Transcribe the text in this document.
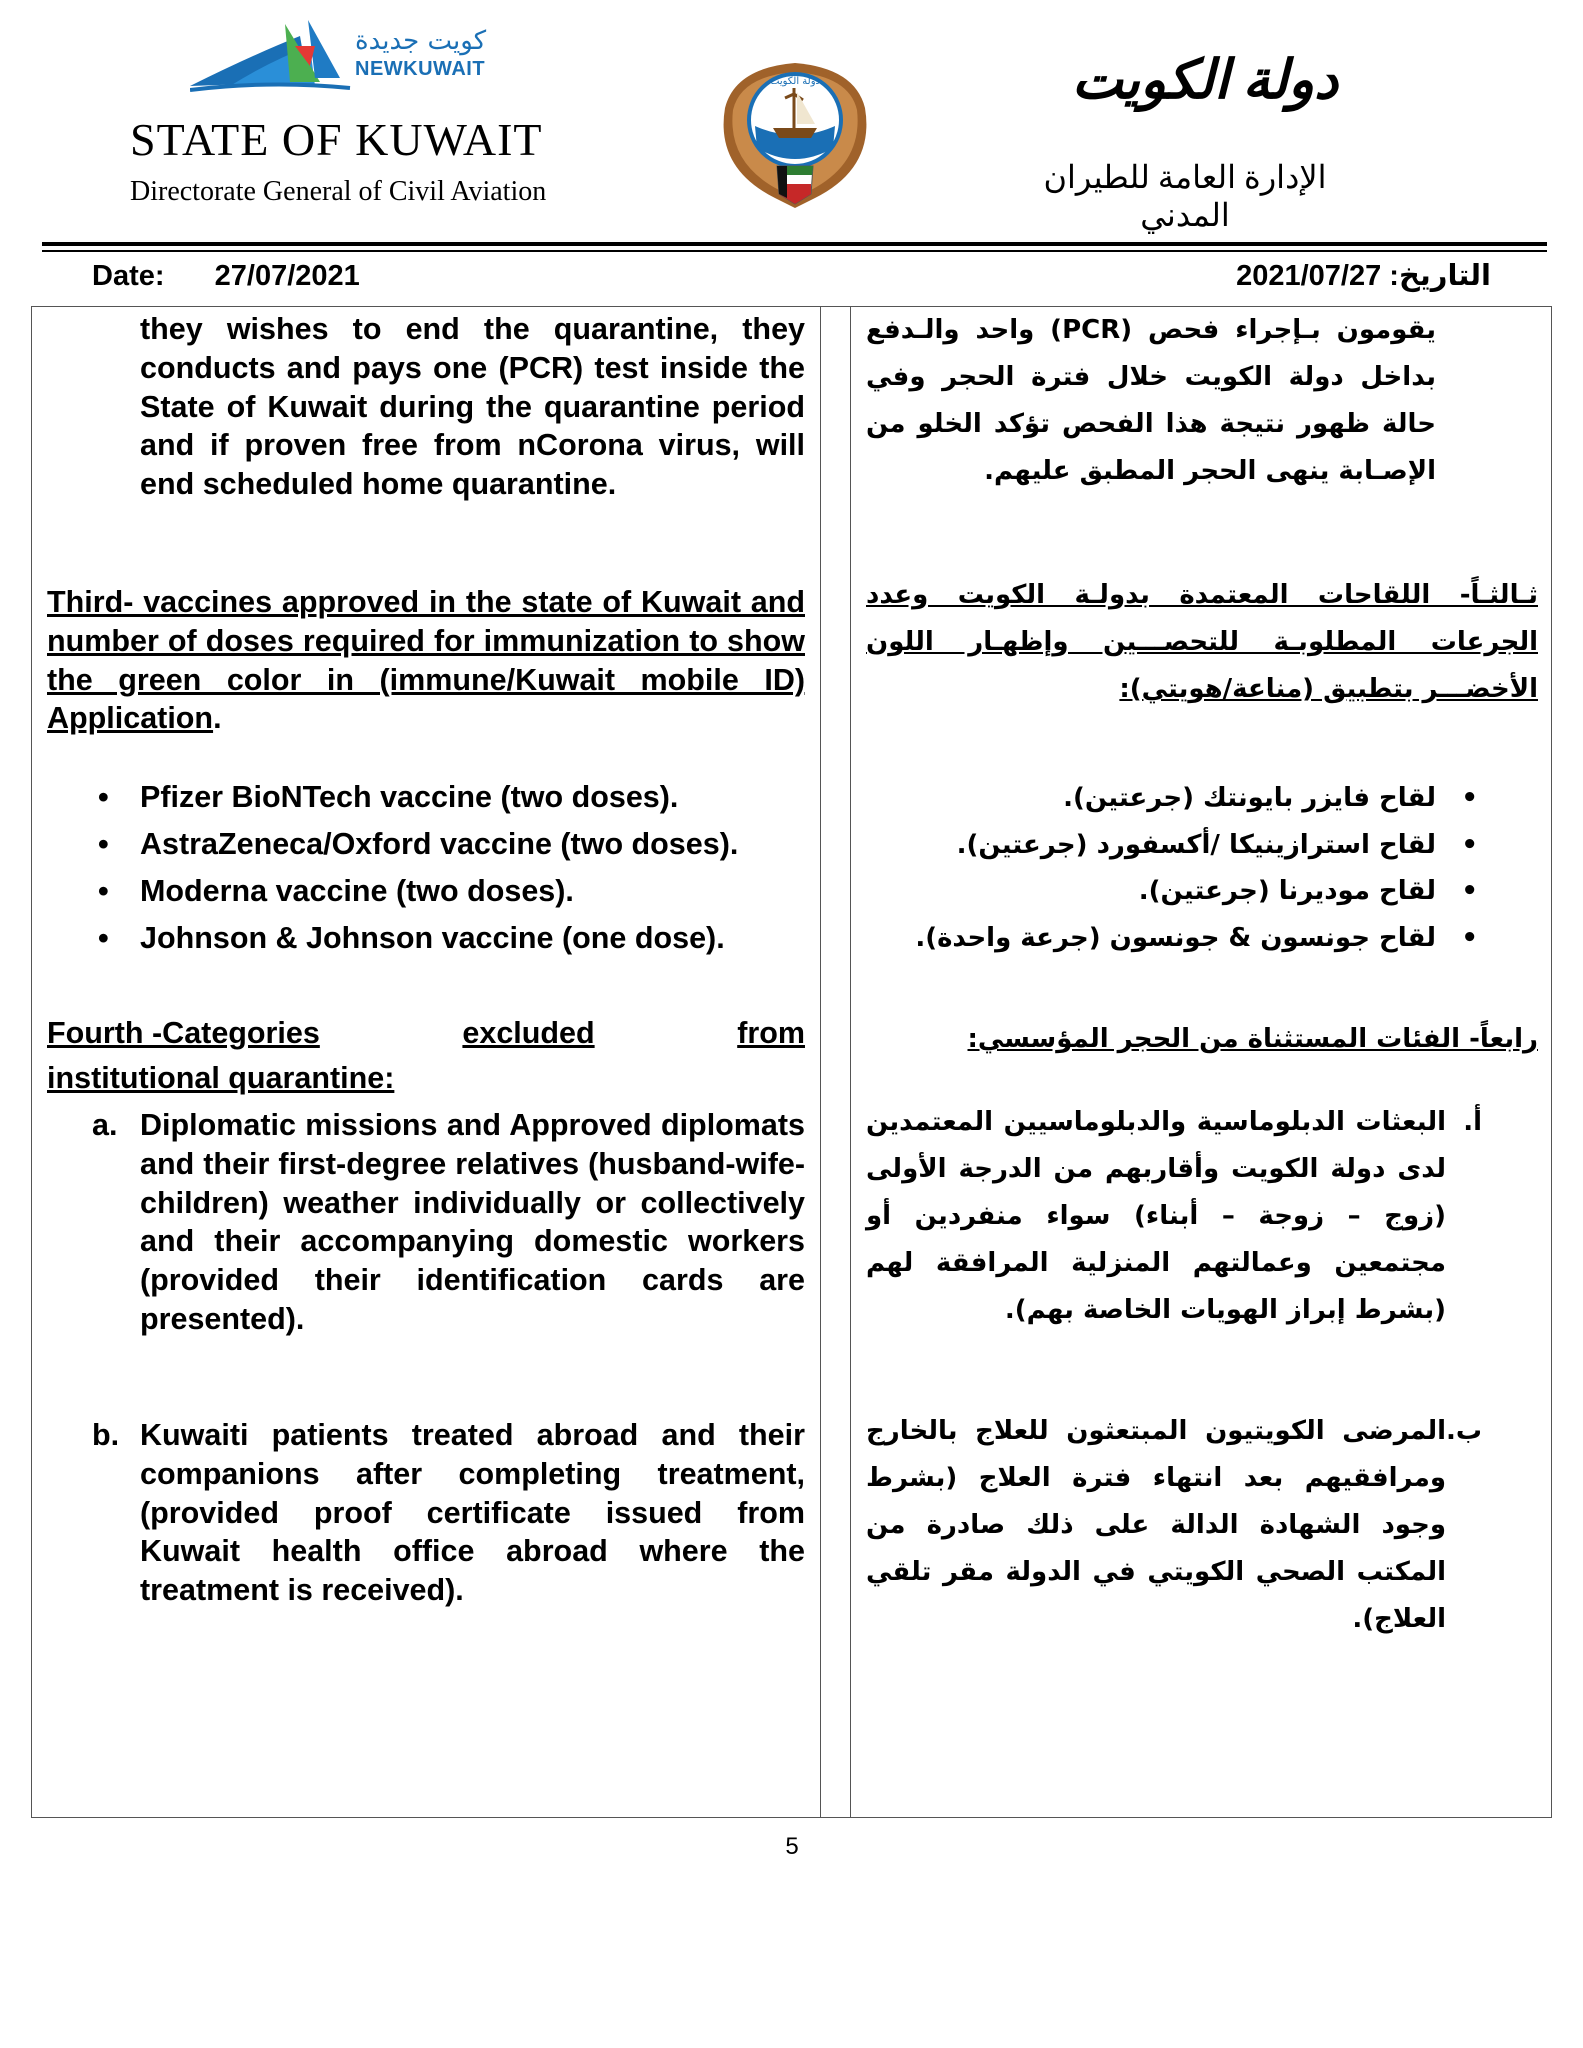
كويت جديدة
NEWKUWAIT
STATE OF KUWAIT
Directorate General of Civil Aviation
دولة الكويت	دولة الكويت
الإدارة العامة للطيران المدني
Date: 27/07/2021	التاريخ: 2021/07/27
they wishes to end the quarantine, they conducts and pays one (PCR) test inside the State of Kuwait during the quarantine period and if proven free from nCorona virus, will end scheduled home quarantine.
Third- vaccines approved in the state of Kuwait and number of doses required for immunization to show the green color in (immune/Kuwait mobile ID) Application.
• Pfizer BioNTech vaccine (two doses).
• AstraZeneca/Oxford vaccine (two doses).
• Moderna vaccine (two doses).
• Johnson & Johnson vaccine (one dose).
Fourth -Categories	excluded	from
institutional quarantine:
a. Diplomatic missions and Approved diplomats and their first-degree relatives (husband-wife-children) weather individually or collectively and their accompanying domestic workers (provided their identification cards are presented).
b. Kuwaiti patients treated abroad and their companions after completing treatment, (provided proof certificate issued from Kuwait health office abroad where the treatment is received).
يقومون بـإجراء فحص (PCR) واحد والـدفع بداخل دولة الكويت خلال فترة الحجر وفي حالة ظهور نتيجة هذا الفحص تؤكد الخلو من الإصـابة ينهى الحجر المطبق عليهم.
ثـالثـاً- اللقاحات المعتمدة بدولـة الكويت وعدد الجرعات المطلوبـة للتحصـــين وإظهـار اللون الأخضـــر بتطبيق (مناعة/هويتي):
•
لقاح فايزر بايونتك (جرعتين).
•
لقاح استرازينيكا /أكسفورد (جرعتين).
•
لقاح موديرنا (جرعتين).
•
لقاح جونسون & جونسون (جرعة واحدة).
رابعاً- الفئات المستثناة من الحجر المؤسسي:
أ.
البعثات الدبلوماسية والدبلوماسيين المعتمدين لدى دولة الكويت وأقاربهم من الدرجة الأولى (زوج – زوجة – أبناء) سواء منفردين أو مجتمعين وعمالتهم المنزلية المرافقة لهم (بشرط إبراز الهويات الخاصة بهم).
ب.
المرضى الكويتيون المبتعثون للعلاج بالخارج ومرافقيهم بعد انتهاء فترة العلاج (بشرط وجود الشهادة الدالة على ذلك صادرة من المكتب الصحي الكويتي في الدولة مقر تلقي العلاج).
5
